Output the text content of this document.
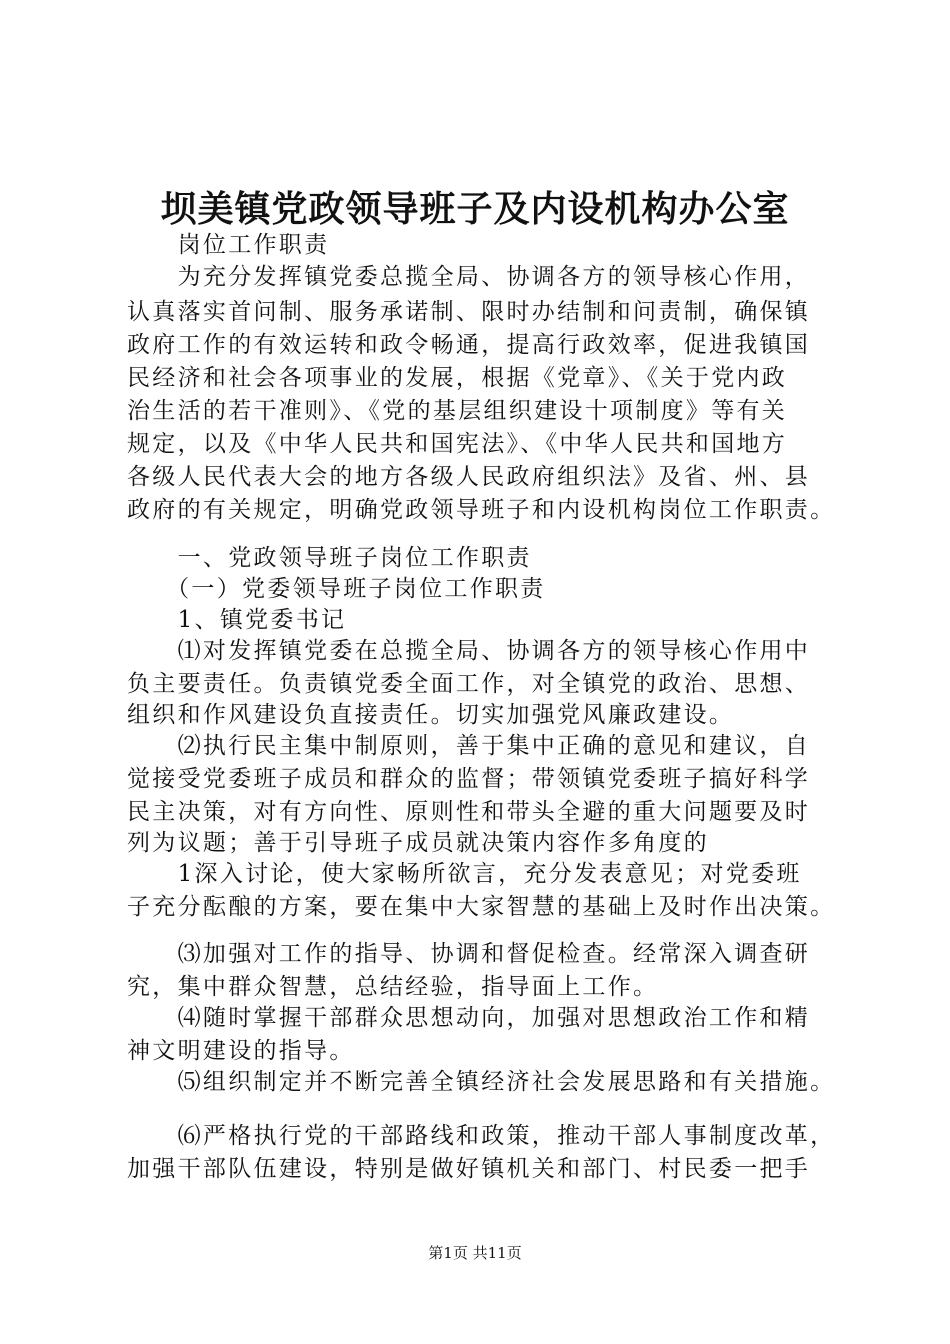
坝美镇党政领导班子及内设机构办公室
　　岗位工作职责
　　为充分发挥镇党委总揽全局、协调各方的领导核心作用，
认真落实首问制、服务承诺制、限时办结制和问责制，确保镇
政府工作的有效运转和政令畅通，提高行政效率，促进我镇国
民经济和社会各项事业的发展，根据《党章》、《关于党内政
治生活的若干准则》、《党的基层组织建设十项制度》等有关
规定，以及《中华人民共和国宪法》、《中华人民共和国地方
各级人民代表大会的地方各级人民政府组织法》及省、州、县
政府的有关规定，明确党政领导班子和内设机构岗位工作职责。
　　一、党政领导班子岗位工作职责
　　（一）党委领导班子岗位工作职责
　　1、镇党委书记
　　⑴对发挥镇党委在总揽全局、协调各方的领导核心作用中
负主要责任。负责镇党委全面工作，对全镇党的政治、思想、
组织和作风建设负直接责任。切实加强党风廉政建设。
　　⑵执行民主集中制原则，善于集中正确的意见和建议，自
觉接受党委班子成员和群众的监督；带领镇党委班子搞好科学
民主决策，对有方向性、原则性和带头全避的重大问题要及时
列为议题；善于引导班子成员就决策内容作多角度的
　　1深入讨论，使大家畅所欲言，充分发表意见；对党委班
子充分酝酿的方案，要在集中大家智慧的基础上及时作出决策。
　　⑶加强对工作的指导、协调和督促检查。经常深入调查研
究，集中群众智慧，总结经验，指导面上工作。
　　⑷随时掌握干部群众思想动向，加强对思想政治工作和精
神文明建设的指导。
　　⑸组织制定并不断完善全镇经济社会发展思路和有关措施。
　　⑹严格执行党的干部路线和政策，推动干部人事制度改革，
加强干部队伍建设，特别是做好镇机关和部门、村民委一把手
第1页 共11页
